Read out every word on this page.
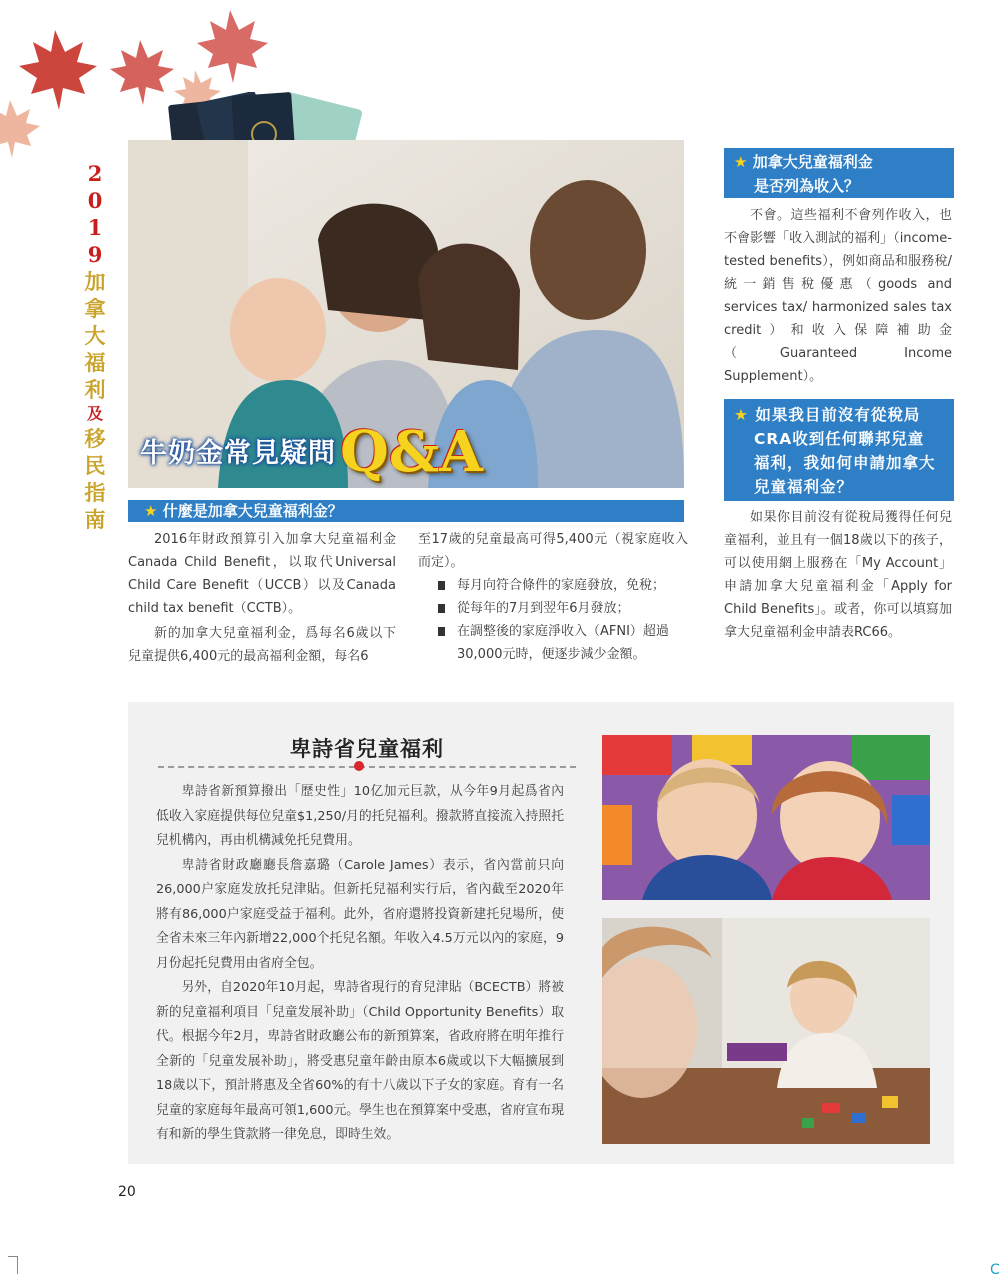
2
0
1
9
加
拿
大
福
利
及
移
民
指
南
牛奶金常見疑問 Q&A
★ 什麼是加拿大兒童福利金？

2016年財政預算引入加拿大兒童福利金Canada Child Benefit，以取代Universal Child Care Benefit（UCCB）以及Canada child tax benefit（CCTB）。

新的加拿大兒童福利金，爲每名6歲以下兒童提供6,400元的最高福利金額，每名6

至17歲的兒童最高可得5,400元（視家庭收入而定）。

每月向符合條件的家庭發放，免稅；
從每年的7月到翌年6月發放；
在調整後的家庭淨收入（AFNI）超過30,000元時，便逐步減少金額。
★ 加拿大兒童福利金
是否列為收入？

不會。這些福利不會列作收入，也不會影響「收入測試的福利」（income-tested benefits），例如商品和服務稅/統一銷售稅優惠（goods and services tax/ harmonized sales tax credit）和收入保障補助金（Guaranteed Income Supplement）。

★ 如果我目前沒有從稅局
CRA收到任何聯邦兒童
福利，我如何申請加拿大
兒童福利金？

如果你目前沒有從稅局獲得任何兒童福利，並且有一個18歲以下的孩子，可以使用網上服務在「My Account」申請加拿大兒童福利金「Apply for Child Benefits」。或者，你可以填寫加拿大兒童福利金申請表RC66。

卑詩省兒童福利

卑詩省新預算撥出「歷史性」10亿加元巨款，从今年9月起爲省內低收入家庭提供每位兒童$1,250/月的托兒福利。撥款將直接流入持照托兒机構內，再由机構減免托兒費用。

卑詩省財政廳廳長詹嘉璐（Carole James）表示，省內當前只向26,000户家庭发放托兒津貼。但新托兒福利实行后，省內截至2020年將有86,000户家庭受益于福利。此外，省府還將投資新建托兒場所，使全省未來三年內新增22,000个托兒名額。年收入4.5万元以內的家庭，9月份起托兒費用由省府全包。

另外，自2020年10月起，卑詩省現行的育兒津貼（BCECTB）將被新的兒童福利項目「兒童发展补助」（Child Opportunity Benefits）取代。根据今年2月，卑詩省財政廳公布的新預算案，省政府將在明年推行全新的「兒童发展补助」，將受惠兒童年齡由原本6歲或以下大幅擴展到18歲以下，預計將惠及全省60%的有十八歲以下子女的家庭。育有一名兒童的家庭每年最高可領1,600元。學生也在預算案中受惠，省府宣布現有和新的學生貸款將一律免息，即時生效。

20
C
